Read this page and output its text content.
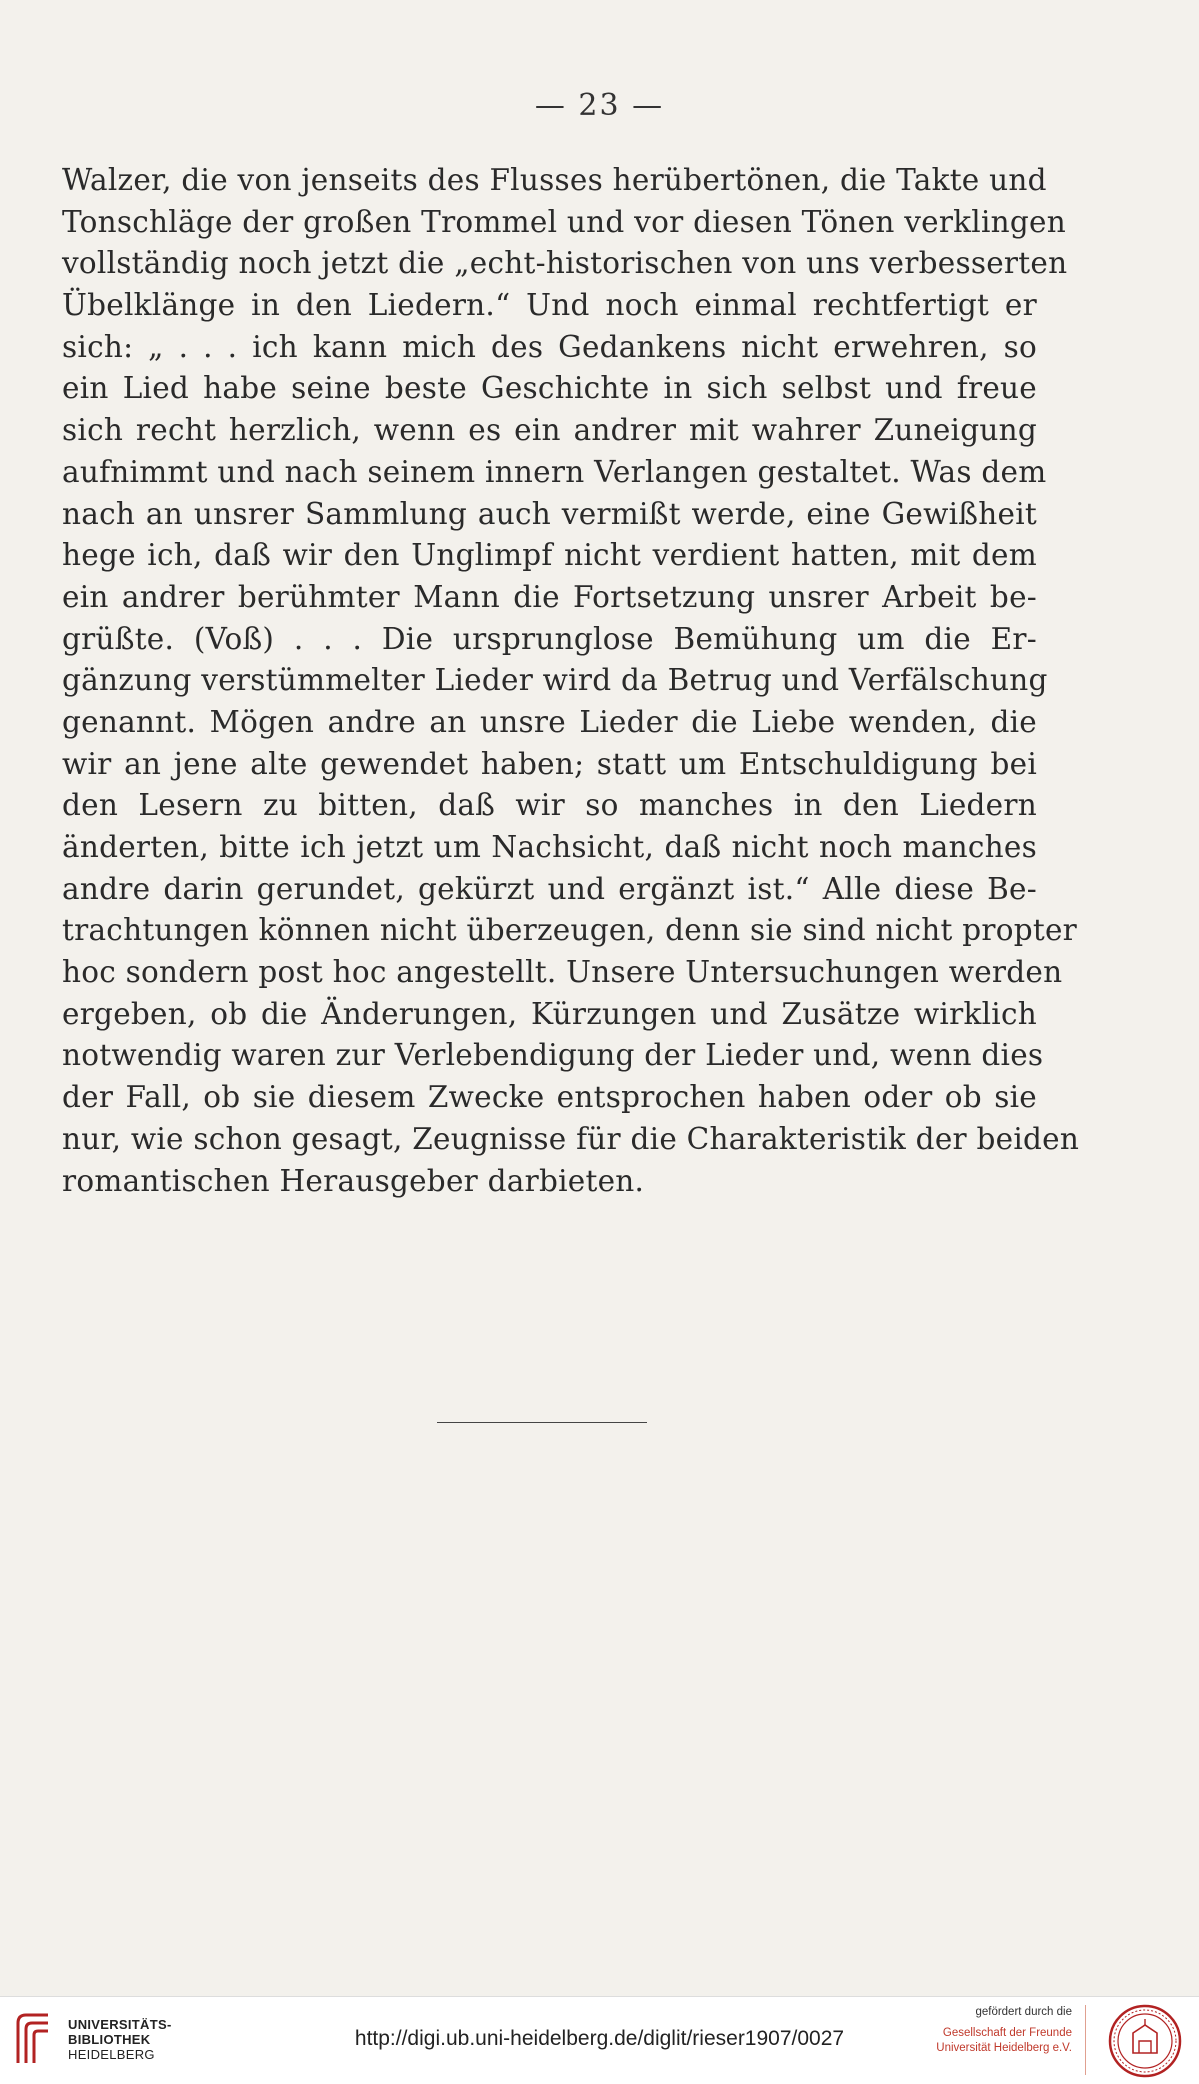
— 23 —
Walzer, die von jenseits des Flusses herübertönen, die Takte und
Tonschläge der großen Trommel und vor diesen Tönen verklingen
vollständig noch jetzt die „echt-historischen von uns verbesserten
Übelklänge in den Liedern.“ Und noch einmal rechtfertigt er
sich: „ . . . ich kann mich des Gedankens nicht erwehren, so
ein Lied habe seine beste Geschichte in sich selbst und freue
sich recht herzlich, wenn es ein andrer mit wahrer Zuneigung
aufnimmt und nach seinem innern Verlangen gestaltet. Was dem
nach an unsrer Sammlung auch vermißt werde, eine Gewißheit
hege ich, daß wir den Unglimpf nicht verdient hatten, mit dem
ein andrer berühmter Mann die Fortsetzung unsrer Arbeit be-
grüßte. (Voß) . . . Die ursprunglose Bemühung um die Er-
gänzung verstümmelter Lieder wird da Betrug und Verfälschung
genannt. Mögen andre an unsre Lieder die Liebe wenden, die
wir an jene alte gewendet haben; statt um Entschuldigung bei
den Lesern zu bitten, daß wir so manches in den Liedern
änderten, bitte ich jetzt um Nachsicht, daß nicht noch manches
andre darin gerundet, gekürzt und ergänzt ist.“ Alle diese Be-
trachtungen können nicht überzeugen, denn sie sind nicht propter
hoc sondern post hoc angestellt. Unsere Untersuchungen werden
ergeben, ob die Änderungen, Kürzungen und Zusätze wirklich
notwendig waren zur Verlebendigung der Lieder und, wenn dies
der Fall, ob sie diesem Zwecke entsprochen haben oder ob sie
nur, wie schon gesagt, Zeugnisse für die Charakteristik der beiden
romantischen Herausgeber darbieten.
UNIVERSITÄTS-
BIBLIOTHEK
HEIDELBERG
http://digi.ub.uni-heidelberg.de/diglit/rieser1907/0027
gefördert durch die
Gesellschaft der Freunde
Universität Heidelberg e.V.
